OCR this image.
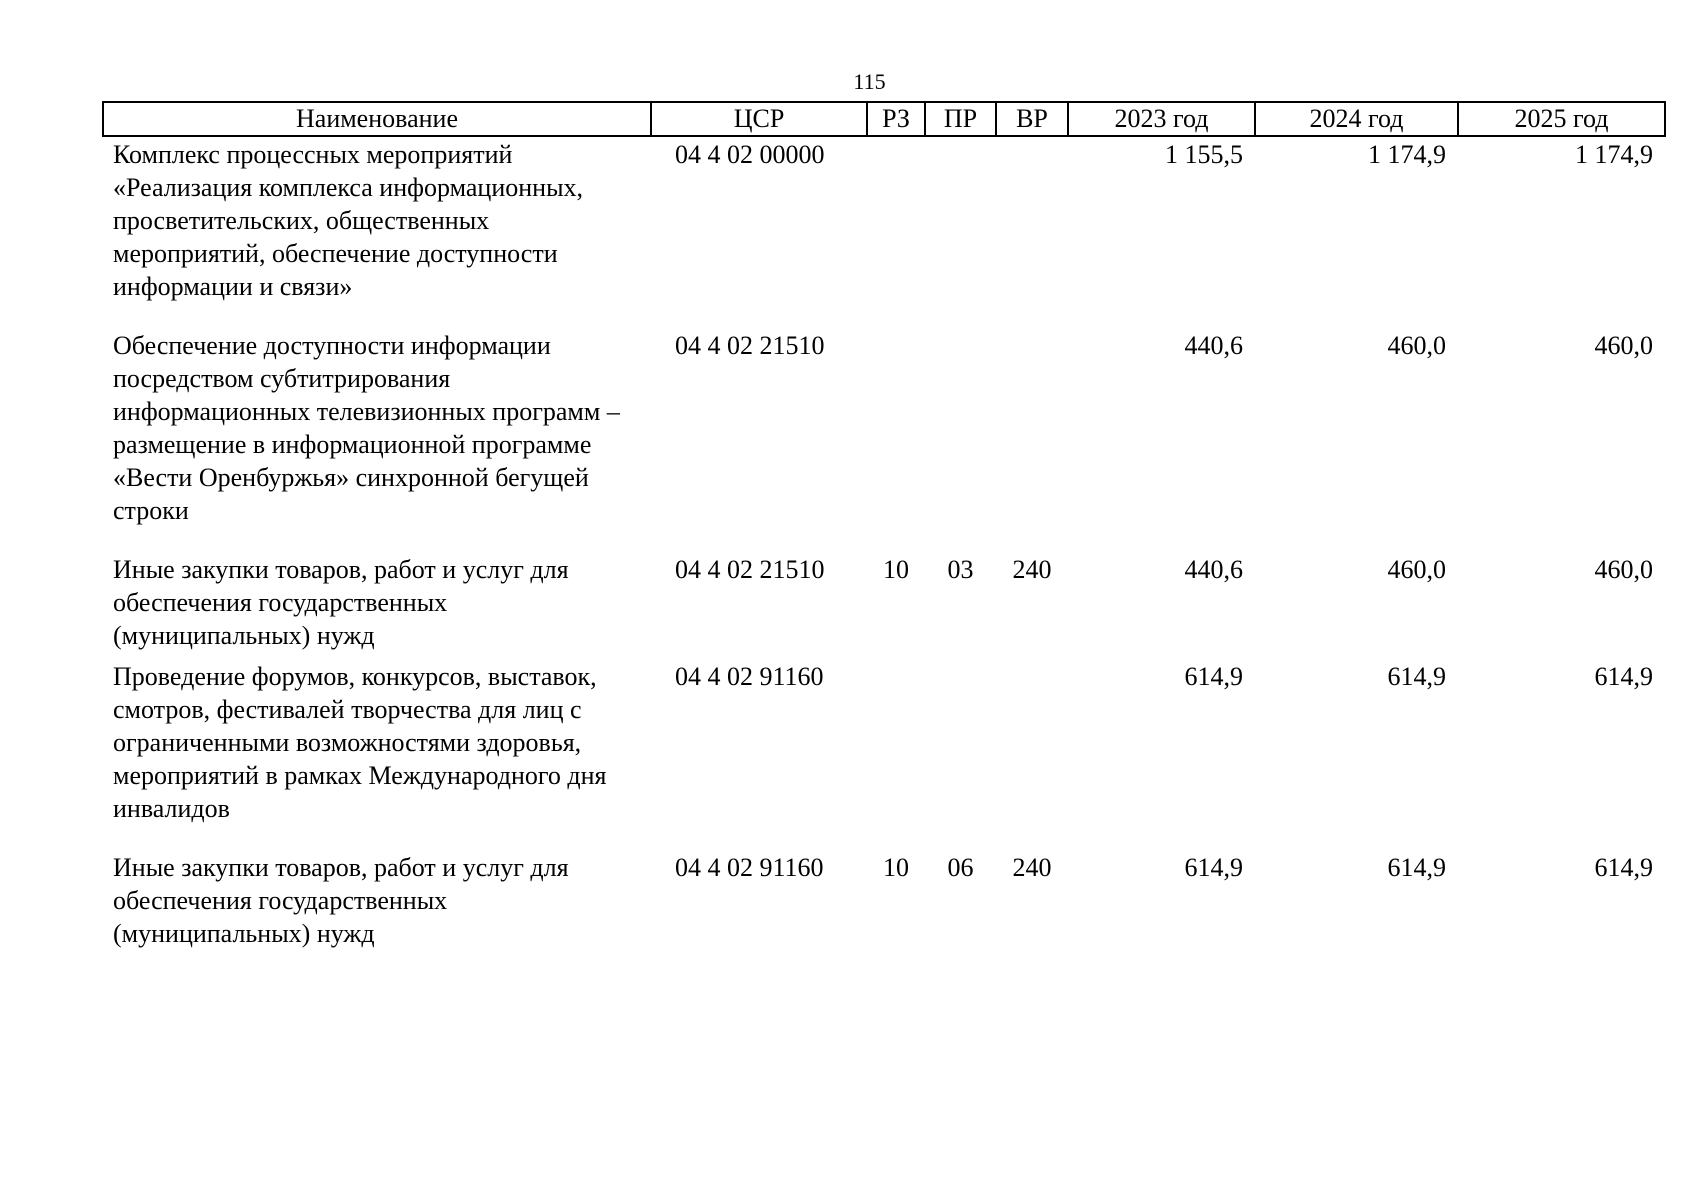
115
Наименование	ЦСР	РЗ	ПР	ВР	2023 год	2024 год	2025 год
Комплекс процессных мероприятий «Реализация комплекса информационных, просветительских, общественных мероприятий, обеспечение доступности информации и связи»	04 4 02 00000				1 155,5	1 174,9	1 174,9
Обеспечение доступности информации посредством субтитрирования информационных телевизионных программ – размещение в информационной программе «Вести Оренбуржья» синхронной бегущей строки	04 4 02 21510				440,6	460,0	460,0
Иные закупки товаров, работ и услуг для обеспечения государственных (муниципальных) нужд	04 4 02 21510	10	03	240	440,6	460,0	460,0
Проведение форумов, конкурсов, выставок, смотров, фестивалей творчества для лиц с ограниченными возможностями здоровья, мероприятий в рамках Международного дня инвалидов	04 4 02 91160				614,9	614,9	614,9
Иные закупки товаров, работ и услуг для обеспечения государственных (муниципальных) нужд	04 4 02 91160	10	06	240	614,9	614,9	614,9
